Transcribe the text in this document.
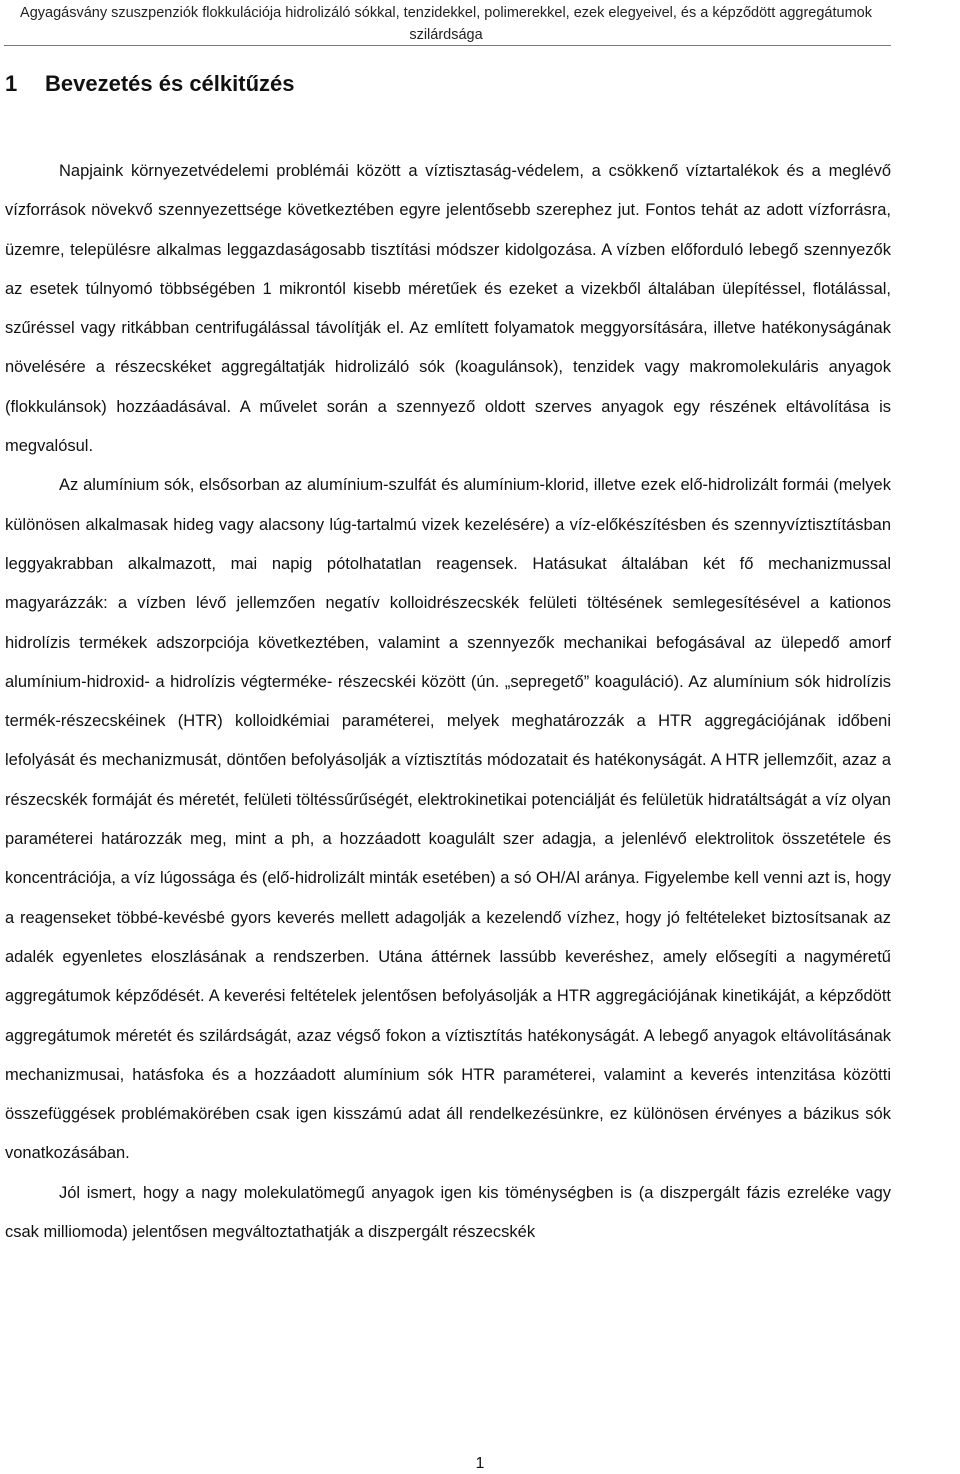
Agyagásvány szuszpenziók flokkulációja hidrolizáló sókkal, tenzidekkel, polimerekkel, ezek elegyeivel, és a képződött aggregátumok szilárdsága
1 Bevezetés és célkitűzés

Napjaink környezetvédelemi problémái között a víztisztaság-védelem, a csökkenő víztartalékok és a meglévő vízforrások növekvő szennyezettsége következtében egyre jelentősebb szerephez jut. Fontos tehát az adott vízforrásra, üzemre, településre alkalmas leggazdaságosabb tisztítási módszer kidolgozása. A vízben előforduló lebegő szennyezők az esetek túlnyomó többségében 1 mikrontól kisebb méretűek és ezeket a vizekből általában ülepítéssel, flotálással, szűréssel vagy ritkábban centrifugálással távolítják el. Az említett folyamatok meggyorsítására, illetve hatékonyságának növelésére a részecskéket aggregáltatják hidrolizáló sók (koagulánsok), tenzidek vagy makromolekuláris anyagok (flokkulánsok) hozzáadásával. A művelet során a szennyező oldott szerves anyagok egy részének eltávolítása is megvalósul.

Az alumínium sók, elsősorban az alumínium-szulfát és alumínium-klorid, illetve ezek elő-hidrolizált formái (melyek különösen alkalmasak hideg vagy alacsony lúg-tartalmú vizek kezelésére) a víz-előkészítésben és szennyvíztisztításban leggyakrabban alkalmazott, mai napig pótolhatatlan reagensek. Hatásukat általában két fő mechanizmussal magyarázzák: a vízben lévő jellemzően negatív kolloidrészecskék felületi töltésének semlegesítésével a kationos hidrolízis termékek adszorpciója következtében, valamint a szennyezők mechanikai befogásával az ülepedő amorf alumínium-hidroxid- a hidrolízis végterméke- részecskéi között (ún. „sepregető” koaguláció). Az alumínium sók hidrolízis termék-részecskéinek (HTR) kolloidkémiai paraméterei, melyek meghatározzák a HTR aggregációjának időbeni lefolyását és mechanizmusát, döntően befolyásolják a víztisztítás módozatait és hatékonyságát. A HTR jellemzőit, azaz a részecskék formáját és méretét, felületi töltéssűrűségét, elektrokinetikai potenciálját és felületük hidratáltságát a víz olyan paraméterei határozzák meg, mint a ph, a hozzáadott koagulált szer adagja, a jelenlévő elektrolitok összetétele és koncentrációja, a víz lúgossága és (elő-hidrolizált minták esetében) a só OH/Al aránya. Figyelembe kell venni azt is, hogy a reagenseket többé-kevésbé gyors keverés mellett adagolják a kezelendő vízhez, hogy jó feltételeket biztosítsanak az adalék egyenletes eloszlásának a rendszerben. Utána áttérnek lassúbb keveréshez, amely elősegíti a nagyméretű aggregátumok képződését. A keverési feltételek jelentősen befolyásolják a HTR aggregációjának kinetikáját, a képződött aggregátumok méretét és szilárdságát, azaz végső fokon a víztisztítás hatékonyságát. A lebegő anyagok eltávolításának mechanizmusai, hatásfoka és a hozzáadott alumínium sók HTR paraméterei, valamint a keverés intenzitása közötti összefüggések problémakörében csak igen kisszámú adat áll rendelkezésünkre, ez különösen érvényes a bázikus sók vonatkozásában.

Jól ismert, hogy a nagy molekulatömegű anyagok igen kis töménységben is (a diszpergált fázis ezreléke vagy csak milliomoda) jelentősen megváltoztathatják a diszpergált részecskék

1
